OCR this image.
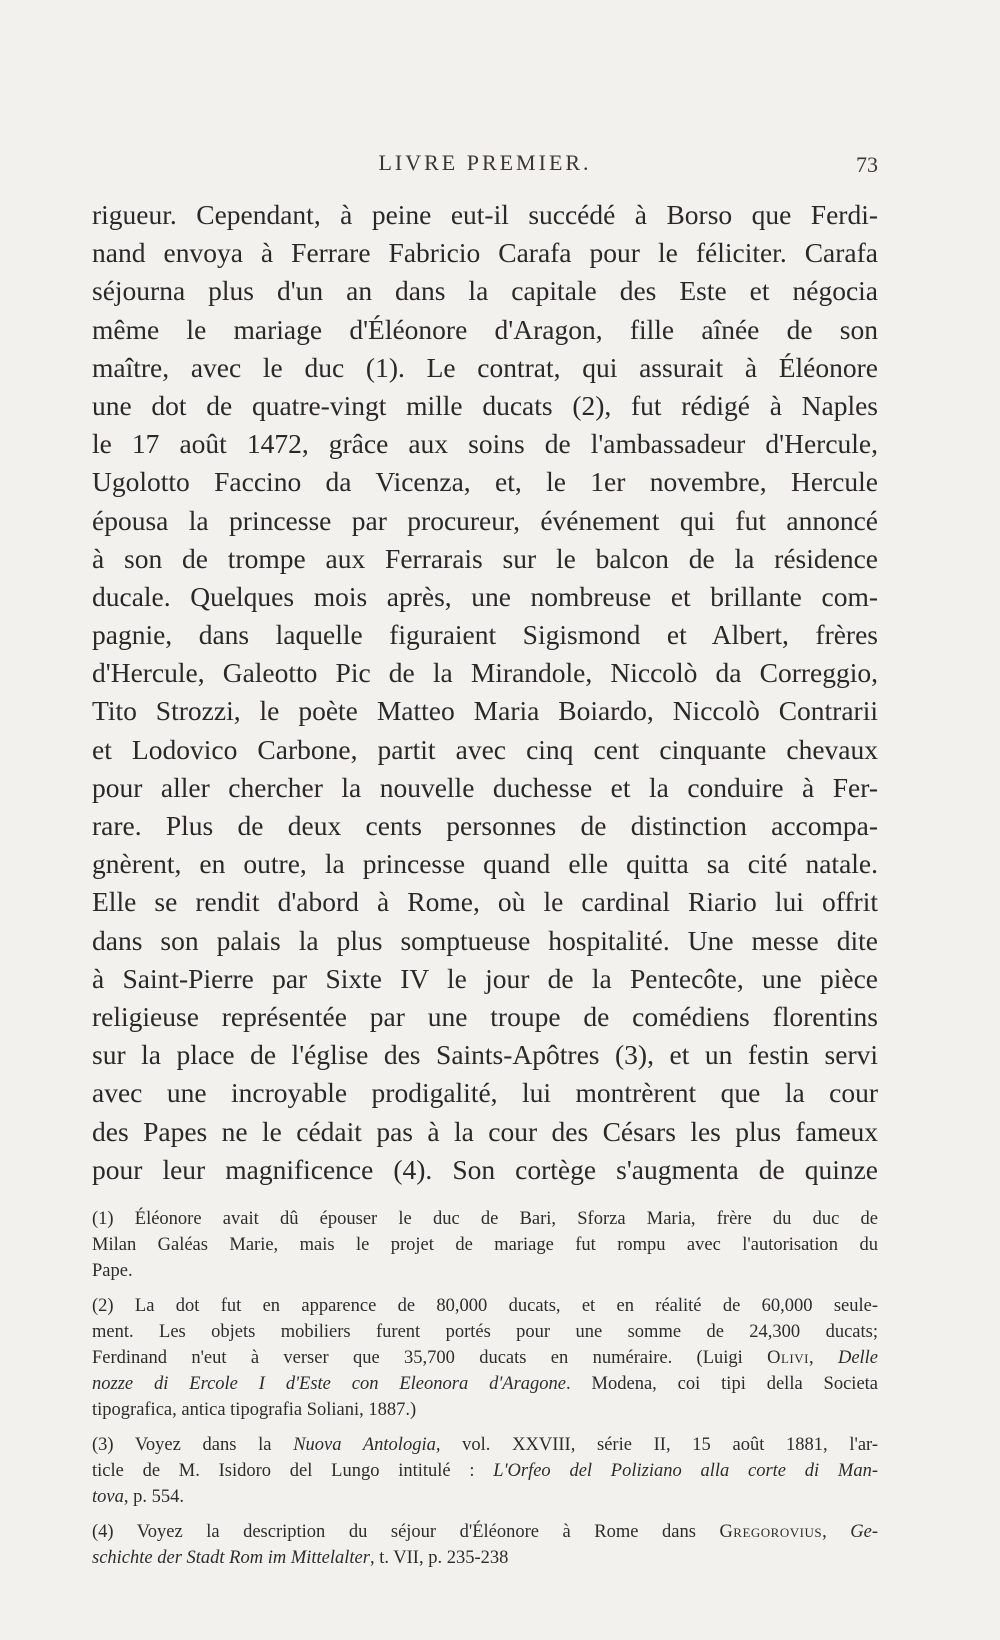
LIVRE PREMIER.	73
rigueur. Cependant, à peine eut-il succédé à Borso que Ferdi-
nand envoya à Ferrare Fabricio Carafa pour le féliciter. Carafa
séjourna plus d'un an dans la capitale des Este et négocia
même le mariage d'Éléonore d'Aragon, fille aînée de son
maître, avec le duc (1). Le contrat, qui assurait à Éléonore
une dot de quatre-vingt mille ducats (2), fut rédigé à Naples
le 17 août 1472, grâce aux soins de l'ambassadeur d'Hercule,
Ugolotto Faccino da Vicenza, et, le 1er novembre, Hercule
épousa la princesse par procureur, événement qui fut annoncé
à son de trompe aux Ferrarais sur le balcon de la résidence
ducale. Quelques mois après, une nombreuse et brillante com-
pagnie, dans laquelle figuraient Sigismond et Albert, frères
d'Hercule, Galeotto Pic de la Mirandole, Niccolò da Correggio,
Tito Strozzi, le poète Matteo Maria Boiardo, Niccolò Contrarii
et Lodovico Carbone, partit avec cinq cent cinquante chevaux
pour aller chercher la nouvelle duchesse et la conduire à Fer-
rare. Plus de deux cents personnes de distinction accompa-
gnèrent, en outre, la princesse quand elle quitta sa cité natale.
Elle se rendit d'abord à Rome, où le cardinal Riario lui offrit
dans son palais la plus somptueuse hospitalité. Une messe dite
à Saint-Pierre par Sixte IV le jour de la Pentecôte, une pièce
religieuse représentée par une troupe de comédiens florentins
sur la place de l'église des Saints-Apôtres (3), et un festin servi
avec une incroyable prodigalité, lui montrèrent que la cour
des Papes ne le cédait pas à la cour des Césars les plus fameux
pour leur magnificence (4). Son cortège s'augmenta de quinze
(1) Éléonore avait dû épouser le duc de Bari, Sforza Maria, frère du duc de
Milan Galéas Marie, mais le projet de mariage fut rompu avec l'autorisation du
Pape.
(2) La dot fut en apparence de 80,000 ducats, et en réalité de 60,000 seule-
ment. Les objets mobiliers furent portés pour une somme de 24,300 ducats;
Ferdinand n'eut à verser que 35,700 ducats en numéraire. (Luigi Olivi, Delle
nozze di Ercole I d'Este con Eleonora d'Aragone. Modena, coi tipi della Societa
tipografica, antica tipografia Soliani, 1887.)
(3) Voyez dans la Nuova Antologia, vol. XXVIII, série II, 15 août 1881, l'ar-
ticle de M. Isidoro del Lungo intitulé : L'Orfeo del Poliziano alla corte di Man-
tova, p. 554.
(4) Voyez la description du séjour d'Éléonore à Rome dans Gregorovius, Ge-
schichte der Stadt Rom im Mittelalter, t. VII, p. 235-238
